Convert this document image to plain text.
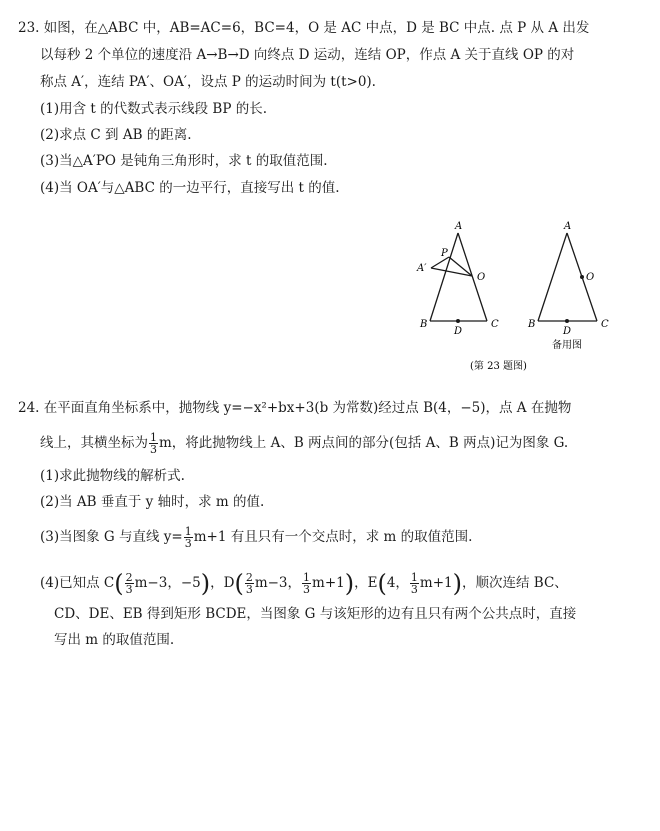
23. 如图，在△ABC 中，AB=AC=6，BC=4，O 是 AC 中点，D 是 BC 中点. 点 P 从 A 出发
以每秒 2 个单位的速度沿 A→B→D 向终点 D 运动，连结 OP，作点 A 关于直线 OP 的对
称点 A′，连结 PA′、OA′，设点 P 的运动时间为 t(t>0).
(1)用含 t 的代数式表示线段 BP 的长.
(2)求点 C 到 AB 的距离.
(3)当△A′PO 是钝角三角形时，求 t 的取值范围.
(4)当 OA′与△ABC 的一边平行，直接写出 t 的值.
A
P
A′
O
B	C
D
A
O
B	C
D
备用图
(第 23 题图)
24. 在平面直角坐标系中，抛物线 y=−x²+bx+3(b 为常数)经过点 B(4，−5)，点 A 在抛物
线上，其横坐标为 $\frac{1}{3}$ m，将此抛物线上 A、B 两点间的部分(包括 A、B 两点)记为图象 G.
(1)求此抛物线的解析式.
(2)当 AB 垂直于 y 轴时，求 m 的值.
(3)当图象 G 与直线 $y= \frac{1}{3} m+1$ 有且只有一个交点时，求 m 的取值范围.
(4)已知点 $C( \frac{2}{3} m-3$，−5)，$D( \frac{2}{3} m-3$， $\frac{1}{3} m+1$)，E(4， $\frac{1}{3} m+1$)，顺次连结 BC、
CD、DE、EB 得到矩形 BCDE，当图象 G 与该矩形的边有且只有两个公共点时，直接
写出 m 的取值范围.
